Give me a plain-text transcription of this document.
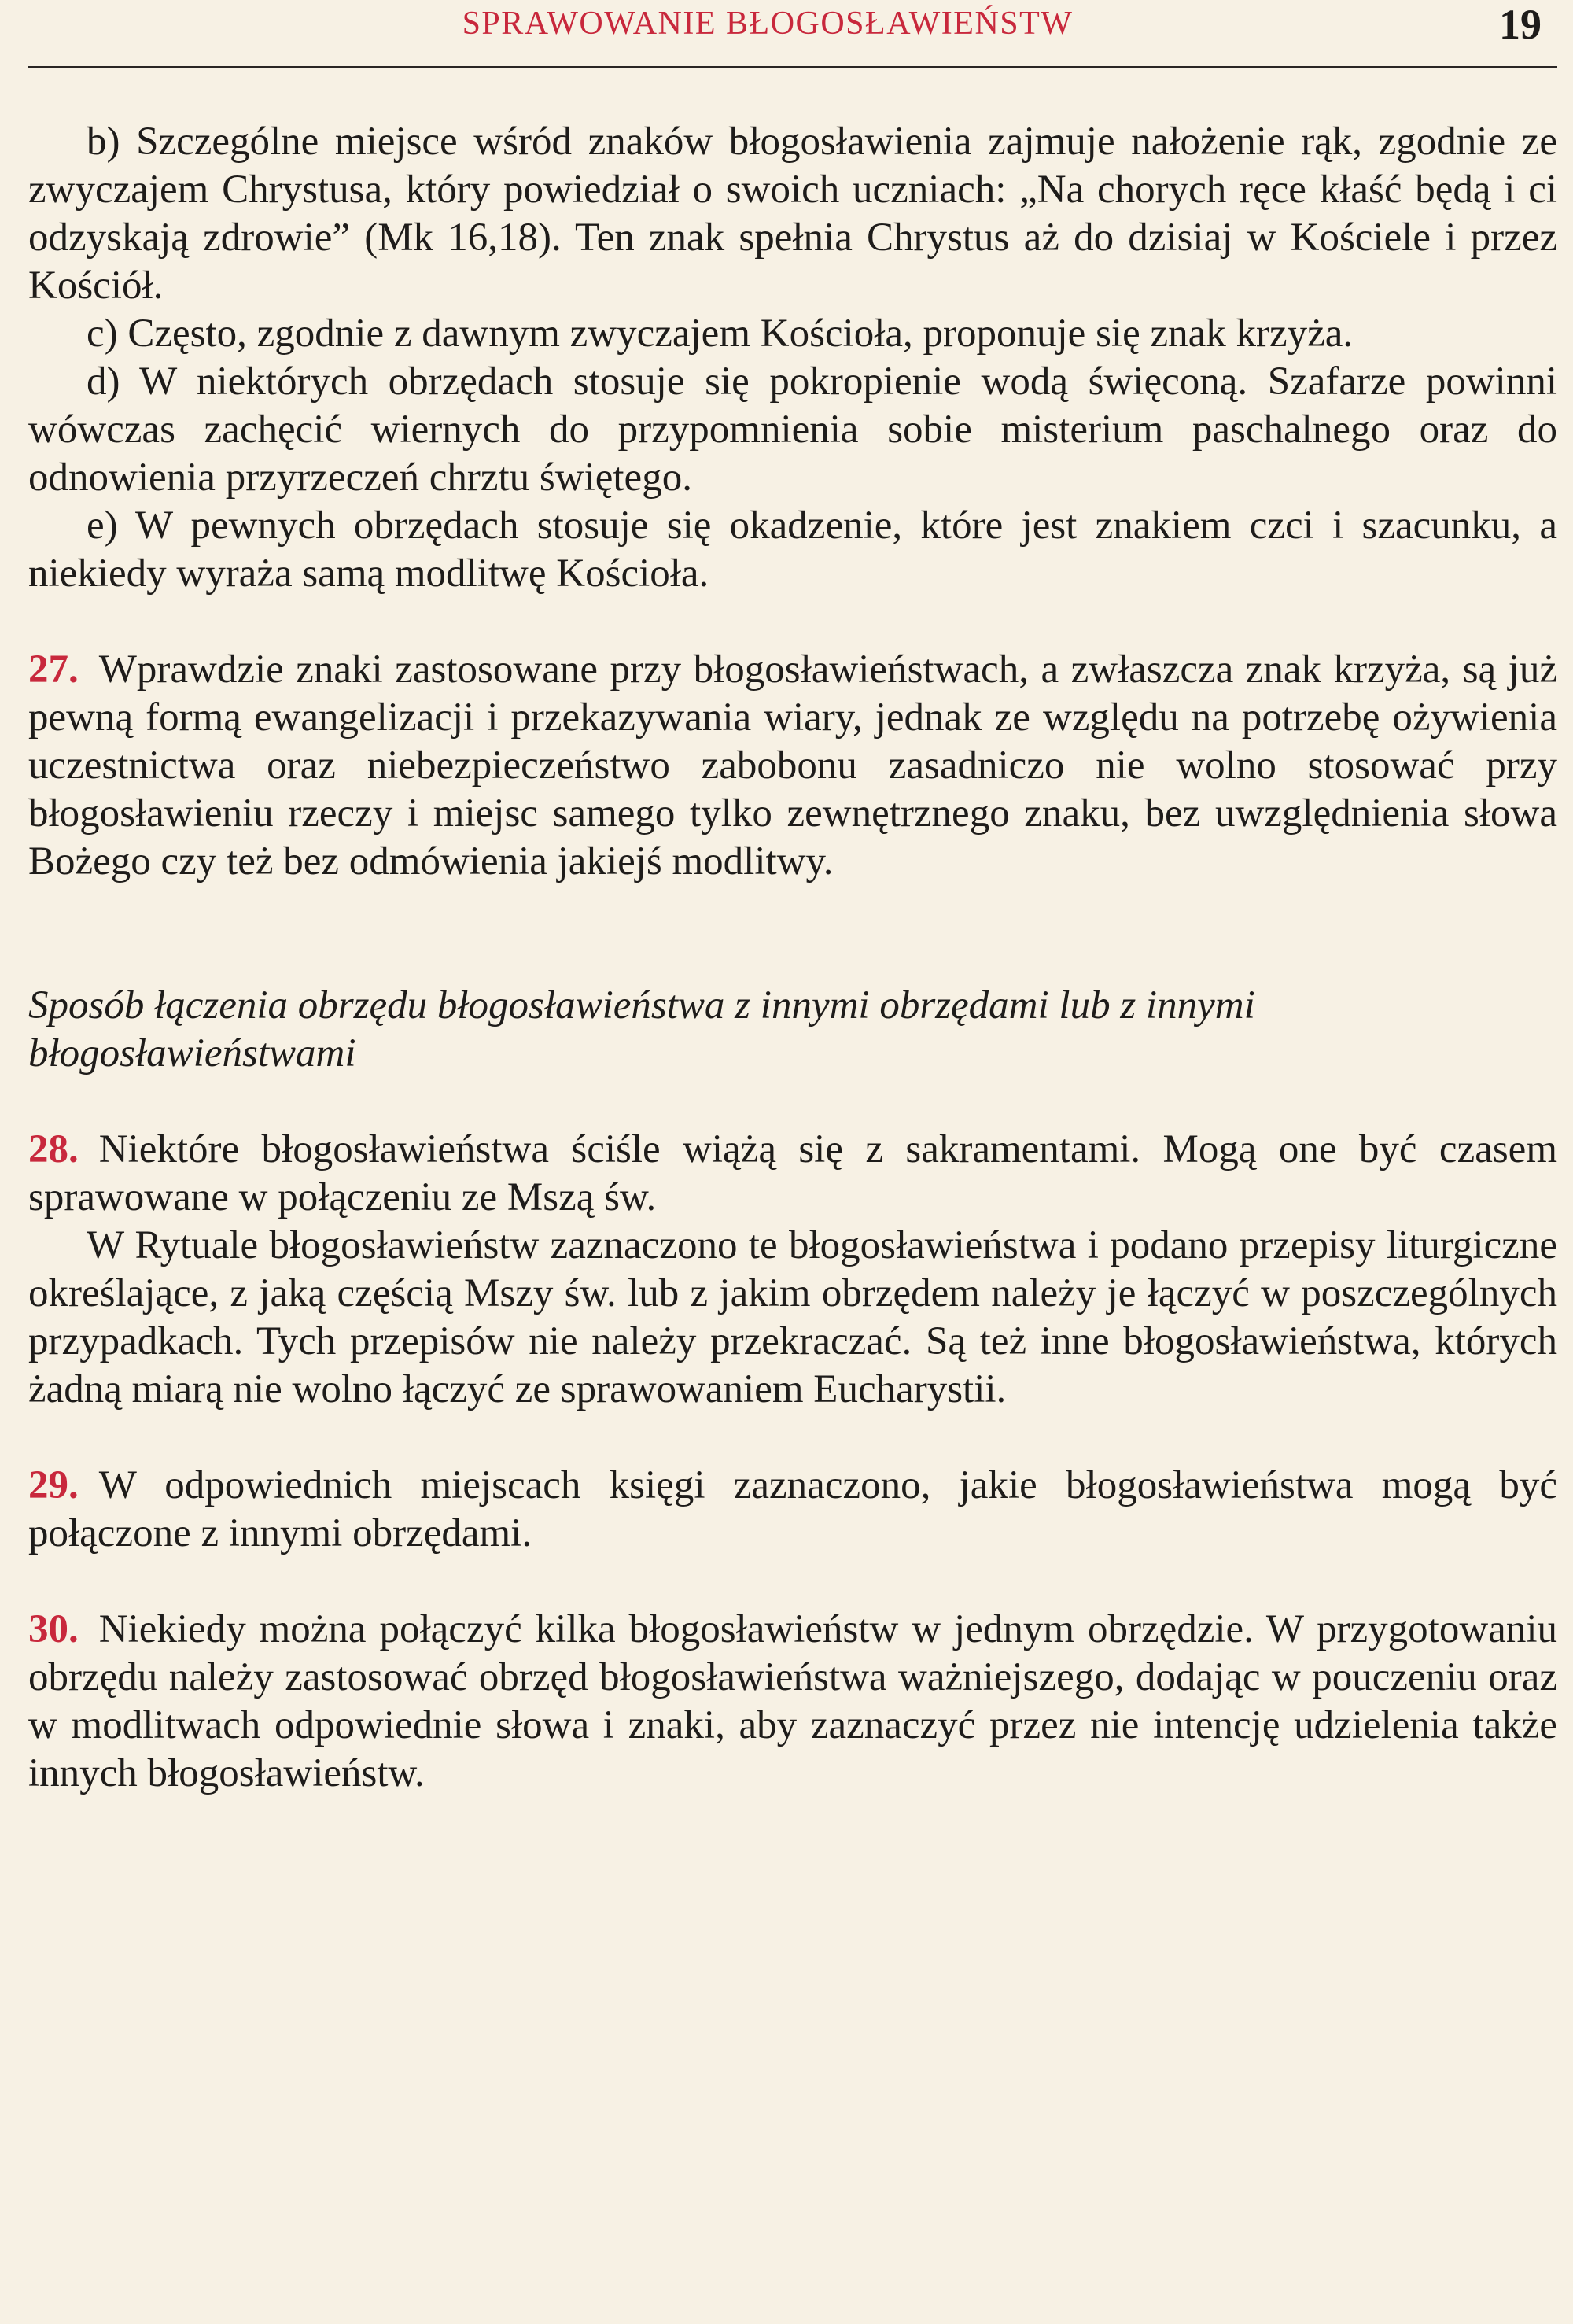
SPRAWOWANIE BŁOGOSŁAWIEŃSTW	19

b) Szczególne miejsce wśród znaków błogosławienia zajmuje nałożenie rąk, zgodnie ze zwyczajem Chrystusa, który powiedział o swoich uczniach: „Na chorych ręce kłaść będą i ci odzyskają zdrowie” (Mk 16,18). Ten znak spełnia Chrystus aż do dzisiaj w Kościele i przez Kościół.

c) Często, zgodnie z dawnym zwyczajem Kościoła, proponuje się znak krzyża.

d) W niektórych obrzędach stosuje się pokropienie wodą święconą. Szafarze powinni wówczas zachęcić wiernych do przypomnienia sobie misterium paschalnego oraz do odnowienia przyrzeczeń chrztu świętego.

e) W pewnych obrzędach stosuje się okadzenie, które jest znakiem czci i szacunku, a niekiedy wyraża samą modlitwę Kościoła.

27. Wprawdzie znaki zastosowane przy błogosławieństwach, a zwłaszcza znak krzyża, są już pewną formą ewangelizacji i przekazywania wiary, jednak ze względu na potrzebę ożywienia uczestnictwa oraz niebezpieczeństwo zabobonu zasadniczo nie wolno stosować przy błogosławieniu rzeczy i miejsc samego tylko zewnętrznego znaku, bez uwzględnienia słowa Bożego czy też bez odmówienia jakiejś modlitwy.

Sposób łączenia obrzędu błogosławieństwa z innymi obrzędami lub z innymi błogosławieństwami

28. Niektóre błogosławieństwa ściśle wiążą się z sakramentami. Mogą one być czasem sprawowane w połączeniu ze Mszą św.

W Rytuale błogosławieństw zaznaczono te błogosławieństwa i podano przepisy liturgiczne określające, z jaką częścią Mszy św. lub z jakim obrzędem należy je łączyć w poszczególnych przypadkach. Tych przepisów nie należy przekraczać. Są też inne błogosławieństwa, których żadną miarą nie wolno łączyć ze sprawowaniem Eucharystii.

29. W odpowiednich miejscach księgi zaznaczono, jakie błogosławieństwa mogą być połączone z innymi obrzędami.

30. Niekiedy można połączyć kilka błogosławieństw w jednym obrzędzie. W przygotowaniu obrzędu należy zastosować obrzęd błogosławieństwa ważniejszego, dodając w pouczeniu oraz w modlitwach odpowiednie słowa i znaki, aby zaznaczyć przez nie intencję udzielenia także innych błogosławieństw.
